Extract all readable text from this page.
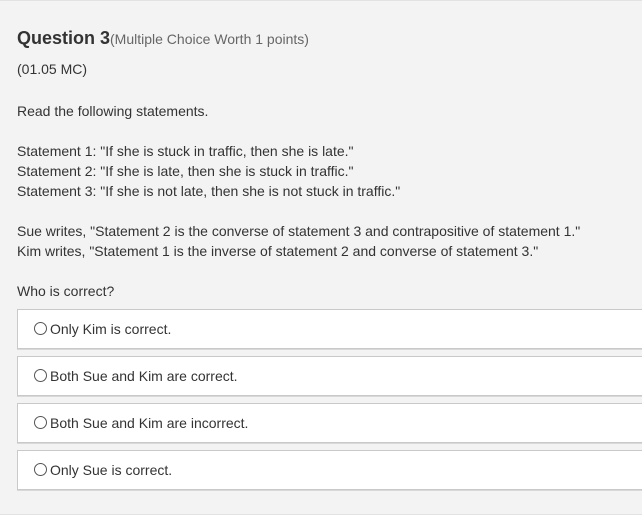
Question 3(Multiple Choice Worth 1 points)
(01.05 MC)
Read the following statements.
Statement 1: "If she is stuck in traffic, then she is late."
Statement 2: "If she is late, then she is stuck in traffic."
Statement 3: "If she is not late, then she is not stuck in traffic."
Sue writes, "Statement 2 is the converse of statement 3 and contrapositive of statement 1."
Kim writes, "Statement 1 is the inverse of statement 2 and converse of statement 3."
Who is correct?
Only Kim is correct.
Both Sue and Kim are correct.
Both Sue and Kim are incorrect.
Only Sue is correct.
